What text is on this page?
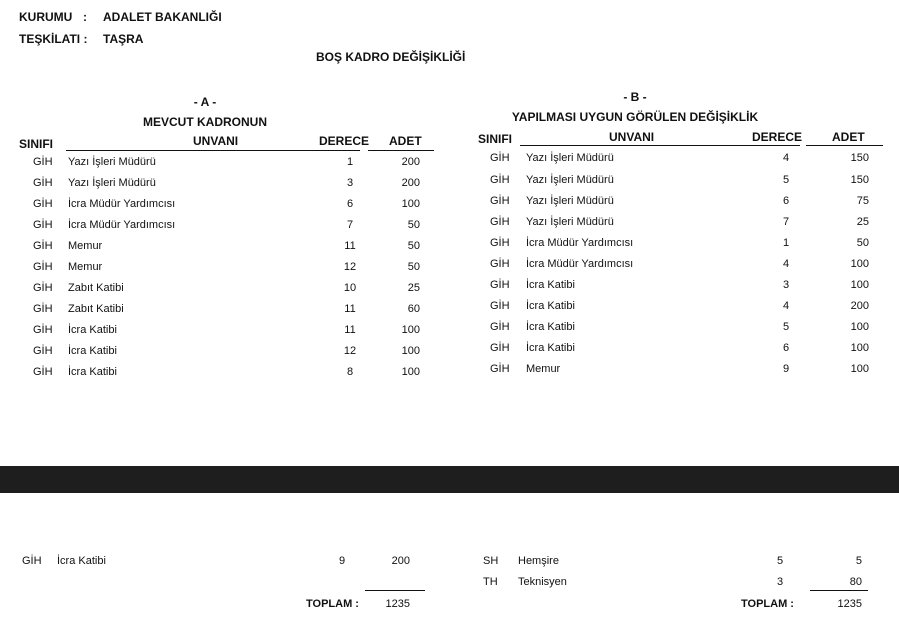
KURUMU : ADALET BAKANLIĞI
TEŞKİLATI : TAŞRA
BOŞ KADRO DEĞİŞİKLİĞİ
- A -
MEVCUT KADRONUN
SINIFI	UNVANI	DERECE ADET
- B -
YAPILMASI UYGUN GÖRÜLEN DEĞİŞİKLİK
SINIFI	UNVANI	DERECE ADET
GİH Yazı İşleri Müdürü	1	200
GİH Yazı İşleri Müdürü	3	200
GİH İcra Müdür Yardımcısı	6	100
GİH İcra Müdür Yardımcısı	7	50
GİH Memur	11	50
GİH Memur	12	50
GİH Zabıt Katibi	10	25
GİH Zabıt Katibi	11	60
GİH İcra Katibi	11	100
GİH İcra Katibi	12	100
GİH İcra Katibi	8	100
GİH Yazı İşleri Müdürü	4	150
GİH Yazı İşleri Müdürü	5	150
GİH Yazı İşleri Müdürü	6	75
GİH Yazı İşleri Müdürü	7	25
GİH İcra Müdür Yardımcısı	1	50
GİH İcra Müdür Yardımcısı	4	100
GİH İcra Katibi	3	100
GİH İcra Katibi	4	200
GİH İcra Katibi	5	100
GİH İcra Katibi	6	100
GİH Memur	9	100
GİH İcra Katibi	9	200
TOPLAM :	1235
SH Hemşire	5	5
TH Teknisyen	3	80
TOPLAM :	1235
